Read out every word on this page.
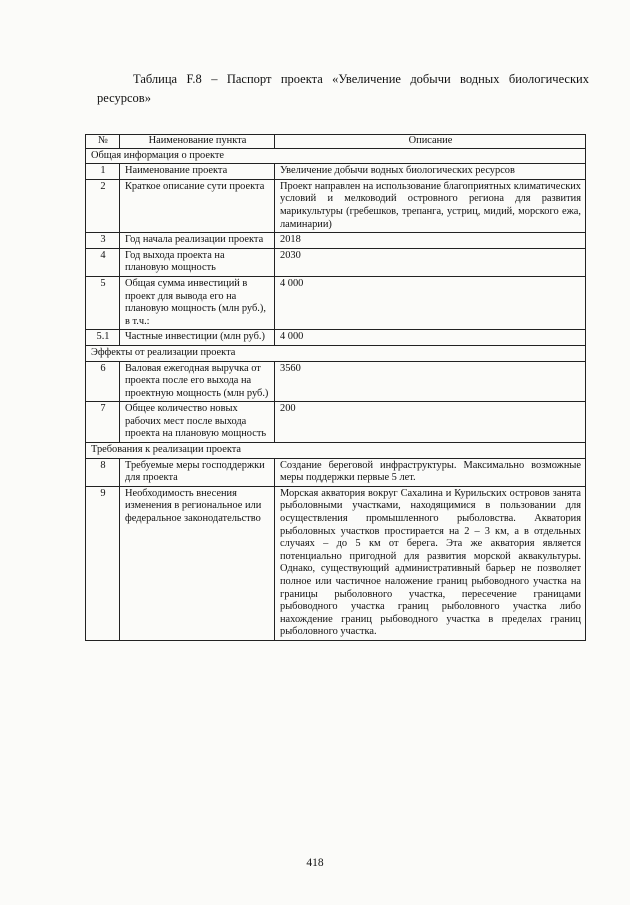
Таблица F.8 – Паспорт проекта «Увеличение добычи водных биологических
ресурсов»
№	Наименование пункта	Описание
Общая информация о проекте		
1	Наименование проекта	Увеличение добычи водных биологических ресурсов
2	Краткое описание сути проекта	Проект направлен на использование благоприятных климатических условий и мелководий островного региона для развития марикультуры (гребешков, трепанга, устриц, мидий, морского ежа, ламинарии)
3	Год начала реализации проекта	2018
4	Год выхода проекта на плановую мощность	2030
5	Общая сумма инвестиций в проект для вывода его на плановую мощность (млн руб.), в т.ч.:	4 000
5.1	Частные инвестиции (млн руб.)	4 000
Эффекты от реализации проекта		
6	Валовая ежегодная выручка от проекта после его выхода на проектную мощность (млн руб.)	3560
7	Общее количество новых рабочих мест после выхода проекта на плановую мощность	200
Требования к реализации проекта		
8	Требуемые меры господдержки для проекта	Создание береговой инфраструктуры. Максимально возможные меры поддержки первые 5 лет.
9	Необходимость внесения изменения в региональное или федеральное законодательство	Морская акватория вокруг Сахалина и Курильских островов занята рыболовными участками, находящимися в пользовании для осуществления промышленного рыболовства. Акватория рыболовных участков простирается на 2 – 3 км, а в отдельных случаях – до 5 км от берега. Эта же акватория является потенциально пригодной для развития морской аквакультуры. Однако, существующий административный барьер не позволяет полное или частичное наложение границ рыбоводного участка на границы рыболовного участка, пересечение границами рыбоводного участка границ рыболовного участка либо нахождение границ рыбоводного участка в пределах границ рыболовного участка.
418
